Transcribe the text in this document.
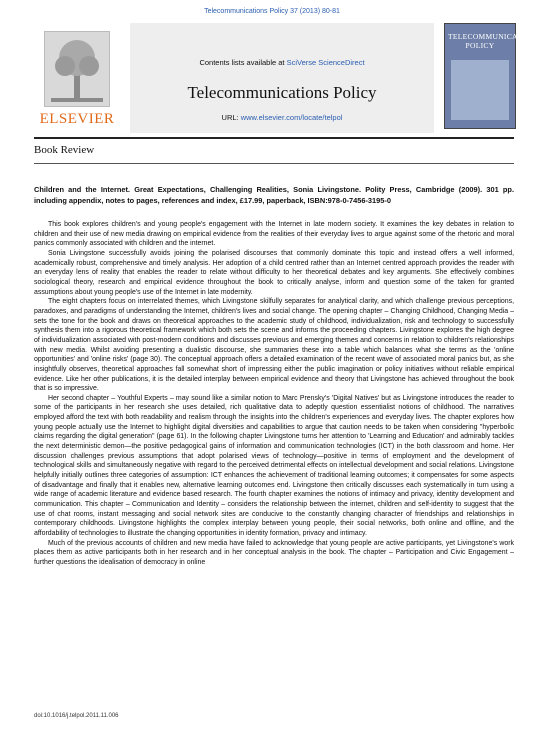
Telecommunications Policy 37 (2013) 80-81
ELSEVIER
Contents lists available at SciVerse ScienceDirect
Telecommunications Policy
URL: www.elsevier.com/locate/telpol
TELECOMMUNICATIONS POLICY
Book Review
Children and the Internet. Great Expectations, Challenging Realities, Sonia Livingstone. Polity Press, Cambridge (2009). 301 pp. including appendix, notes to pages, references and index, £17.99, paperback, ISBN:978-0-7456-3195-0

This book explores children's and young people's engagement with the Internet in late modern society. It examines the key debates in relation to children and their use of new media drawing on empirical evidence from the realities of their everyday lives to argue against some of the rhetoric and moral panics commonly associated with children and the internet.

Sonia Livingstone successfully avoids joining the polarised discourses that commonly dominate this topic and instead offers a well informed, academically robust, comprehensive and timely analysis. Her adoption of a child centred rather than an Internet centred approach provides the reader with an everyday lens of reality that enables the reader to relate without difficulty to her theoretical debates and key arguments. She effectively combines sociological theory, research and empirical evidence throughout the book to critically analyse, inform and question some of the taken for granted assumptions about young people's use of the Internet in late modernity.

The eight chapters focus on interrelated themes, which Livingstone skilfully separates for analytical clarity, and which challenge previous perceptions, paradoxes, and paradigms of understanding the Internet, children's lives and social change. The opening chapter – Changing Childhood, Changing Media – sets the tone for the book and draws on theoretical approaches to the academic study of childhood, individualization, risk and technology to successfully synthesis them into a rigorous theoretical framework which both sets the scene and informs the proceeding chapters. Livingstone explores the high degree of individualization associated with post-modern conditions and discusses previous and emerging themes and concerns in relation to children's relationships with new media. Whilst avoiding presenting a dualistic discourse, she summaries these into a table which balances what she terms as the 'online opportunities' and 'online risks' (page 30). The conceptual approach offers a detailed examination of the recent wave of associated moral panics but, as she insightfully observes, theoretical approaches fall somewhat short of impressing either the public imagination or policy initiatives without reliable empirical evidence. Like her other publications, it is the detailed interplay between empirical evidence and theory that Livingstone has achieved throughout the book that is so impressive.

Her second chapter – Youthful Experts – may sound like a similar notion to Marc Prensky's 'Digital Natives' but as Livingstone introduces the reader to some of the participants in her research she uses detailed, rich qualitative data to adeptly question essentialist notions of childhood. The narratives employed afford the text with both readability and realism through the insights into the children's experiences and everyday lives. The chapter explores how young people actually use the Internet to highlight digital diversities and capabilities to argue that caution needs to be taken when considering "hyperbolic claims regarding the digital generation" (page 61). In the following chapter Livingstone turns her attention to 'Learning and Education' and admirably tackles the next deterministic demon—the positive pedagogical gains of information and communication technologies (ICT) in the both classroom and home. Her discussion challenges previous assumptions that adopt polarised views of technology—positive in terms of employment and the development of technological skills and simultaneously negative with regard to the perceived detrimental effects on intellectual development and social relations. Livingstone helpfully initially outlines three categories of assumption: ICT enhances the achievement of traditional learning outcomes; it compensates for some aspects of disadvantage and finally that it enables new, alternative learning outcomes end. Livingstone then critically discusses each systematically in turn using a wide range of academic literature and evidence based research. The fourth chapter examines the notions of intimacy and privacy, identity development and communication. This chapter – Communication and Identity – considers the relationship between the internet, children and self-identity to suggest that the use of chat rooms, instant messaging and social network sites are conducive to the constantly changing character of friendships and relationships in contemporary childhoods. Livingstone highlights the complex interplay between young people, their social networks, both online and offline, and the affordability of technologies to illustrate the changing opportunities in identity formation, privacy and intimacy.

Much of the previous accounts of children and new media have failed to acknowledge that young people are active participants, yet Livingstone's work places them as active participants both in her research and in her conceptual analysis in the book. The chapter – Participation and Civic Engagement – further questions the idealisation of democracy in online

doi:10.1016/j.telpol.2011.11.006
